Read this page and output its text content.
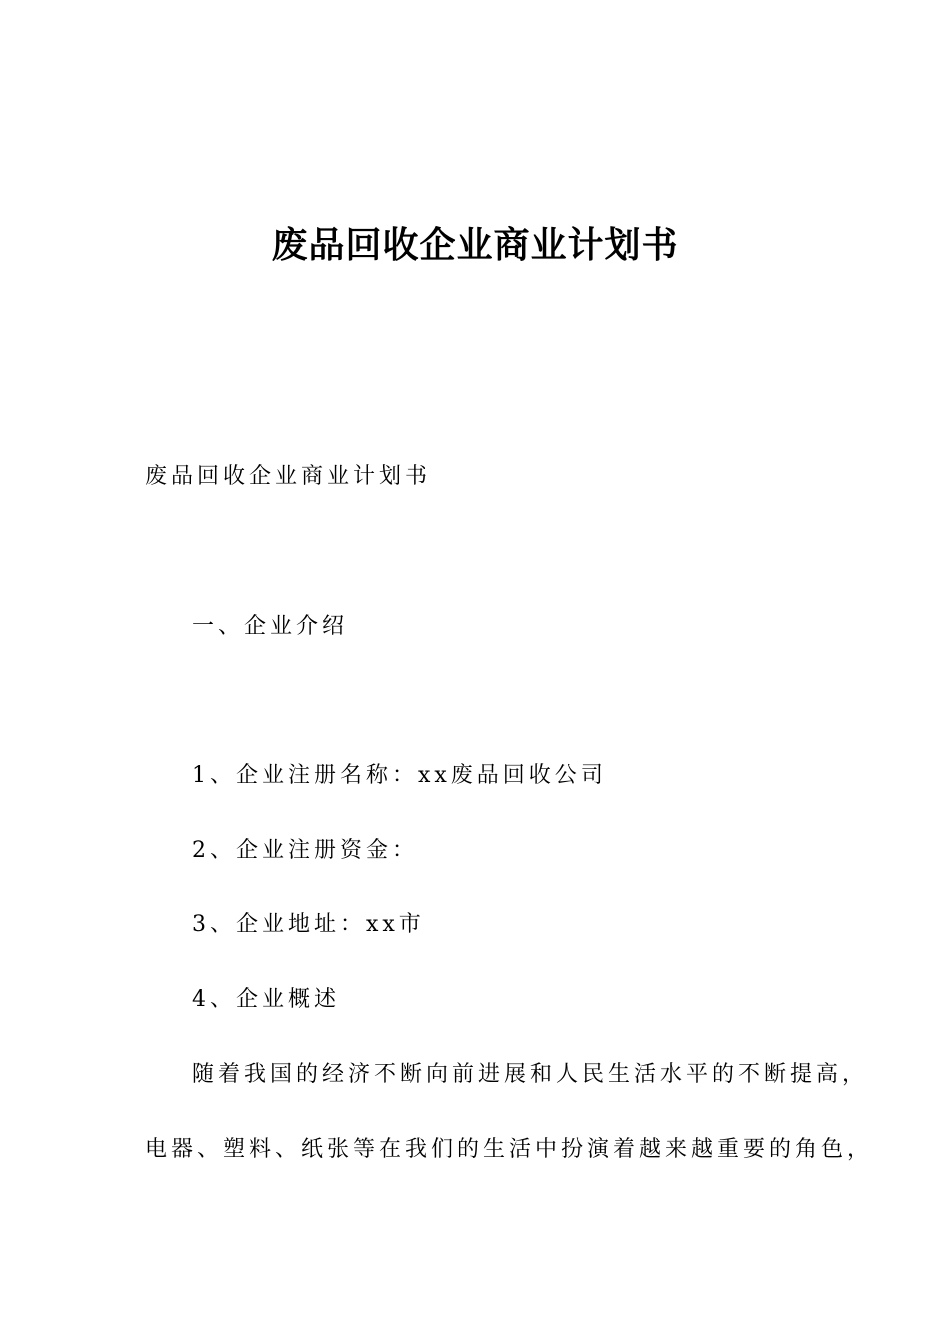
废品回收企业商业计划书
废品回收企业商业计划书
一、企业介绍
1、企业注册名称：xx废品回收公司
2、企业注册资金：
3、企业地址：xx市
4、企业概述
随着我国的经济不断向前进展和人民生活水平的不断提高，
电器、塑料、纸张等在我们的生活中扮演着越来越重要的角色，
